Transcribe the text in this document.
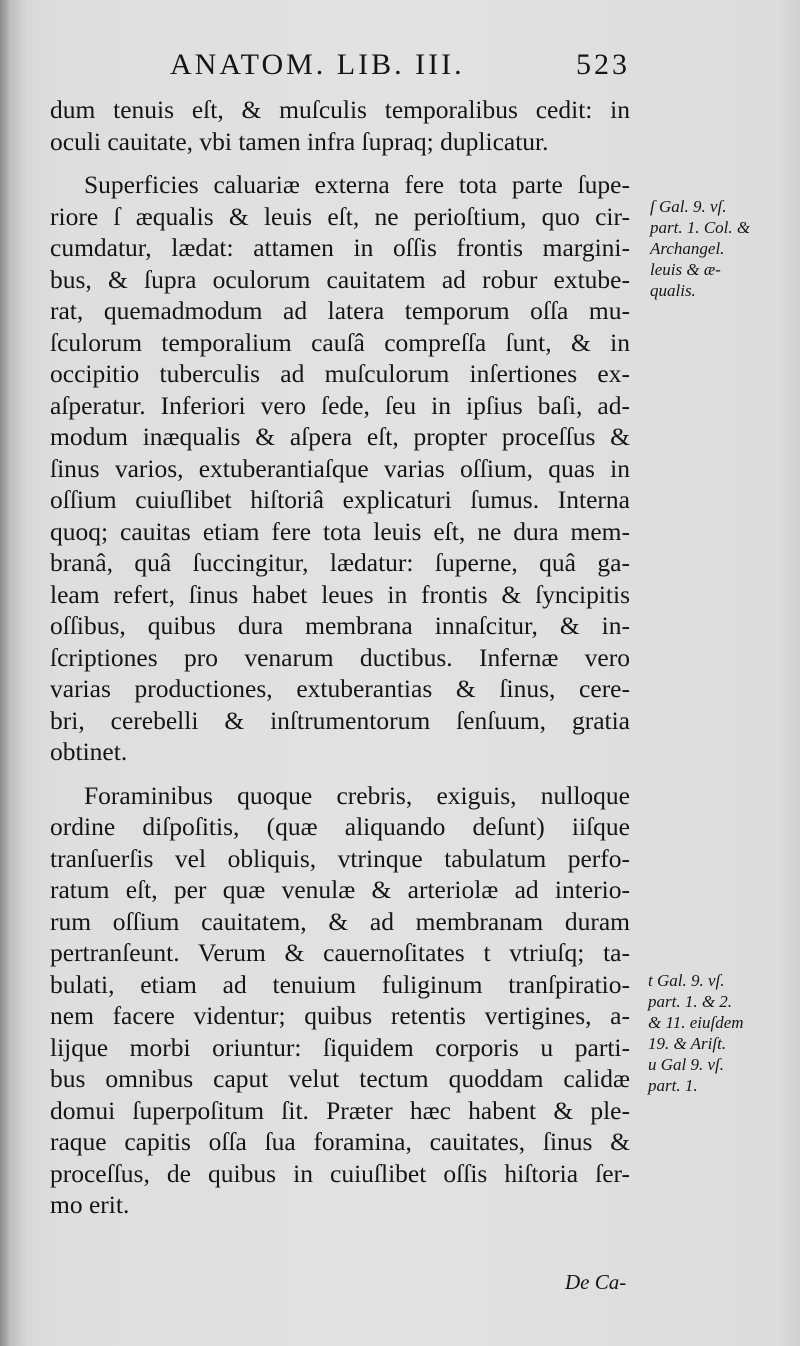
ANATOM. LIB. III.	523
dum tenuis eſt, & muſculis temporalibus cedit: in
oculi cauitate, vbi tamen infra ſupraq; duplicatur.
Superficies caluariæ externa fere tota parte ſupe-
riore ſ æqualis & leuis eſt, ne perioſtium, quo cir-
cumdatur, lædat: attamen in oſſis frontis margini-
bus, & ſupra oculorum cauitatem ad robur extube-
rat, quemadmodum ad latera temporum oſſa mu-
ſculorum temporalium cauſâ compreſſa ſunt, & in
occipitio tuberculis ad muſculorum inſertiones ex-
aſperatur. Inferiori vero ſede, ſeu in ipſius baſi, ad-
modum inæqualis & aſpera eſt, propter proceſſus &
ſinus varios, extuberantiaſque varias oſſium, quas in
oſſium cuiuſlibet hiſtoriâ explicaturi ſumus. Interna
quoq; cauitas etiam fere tota leuis eſt, ne dura mem-
branâ, quâ ſuccingitur, lædatur: ſuperne, quâ ga-
leam refert, ſinus habet leues in frontis & ſyncipitis
oſſibus, quibus dura membrana innaſcitur, & in-
ſcriptiones pro venarum ductibus. Infernæ vero
varias productiones, extuberantias & ſinus, cere-
bri, cerebelli & inſtrumentorum ſenſuum, gratia
obtinet.
Foraminibus quoque crebris, exiguis, nulloque
ordine diſpoſitis, (quæ aliquando deſunt) iiſque
tranſuerſis vel obliquis, vtrinque tabulatum perfo-
ratum eſt, per quæ venulæ & arteriolæ ad interio-
rum oſſium cauitatem, & ad membranam duram
pertranſeunt. Verum & cauernoſitates t vtriuſq; ta-
bulati, etiam ad tenuium fuliginum tranſpiratio-
nem facere videntur; quibus retentis vertigines, a-
lijque morbi oriuntur: ſiquidem corporis u parti-
bus omnibus caput velut tectum quoddam calidæ
domui ſuperpoſitum ſit. Præter hæc habent & ple-
raque capitis oſſa ſua foramina, cauitates, ſinus &
proceſſus, de quibus in cuiuſlibet oſſis hiſtoria ſer-
mo erit.
ſ Gal. 9. vſ.
part. 1. Col. &
Archangel.
leuis & æ-
qualis.
t Gal. 9. vſ.
part. 1. & 2.
& 11. eiuſdem
19. & Ariſt.
u Gal 9. vſ.
part. 1.
De Ca-
